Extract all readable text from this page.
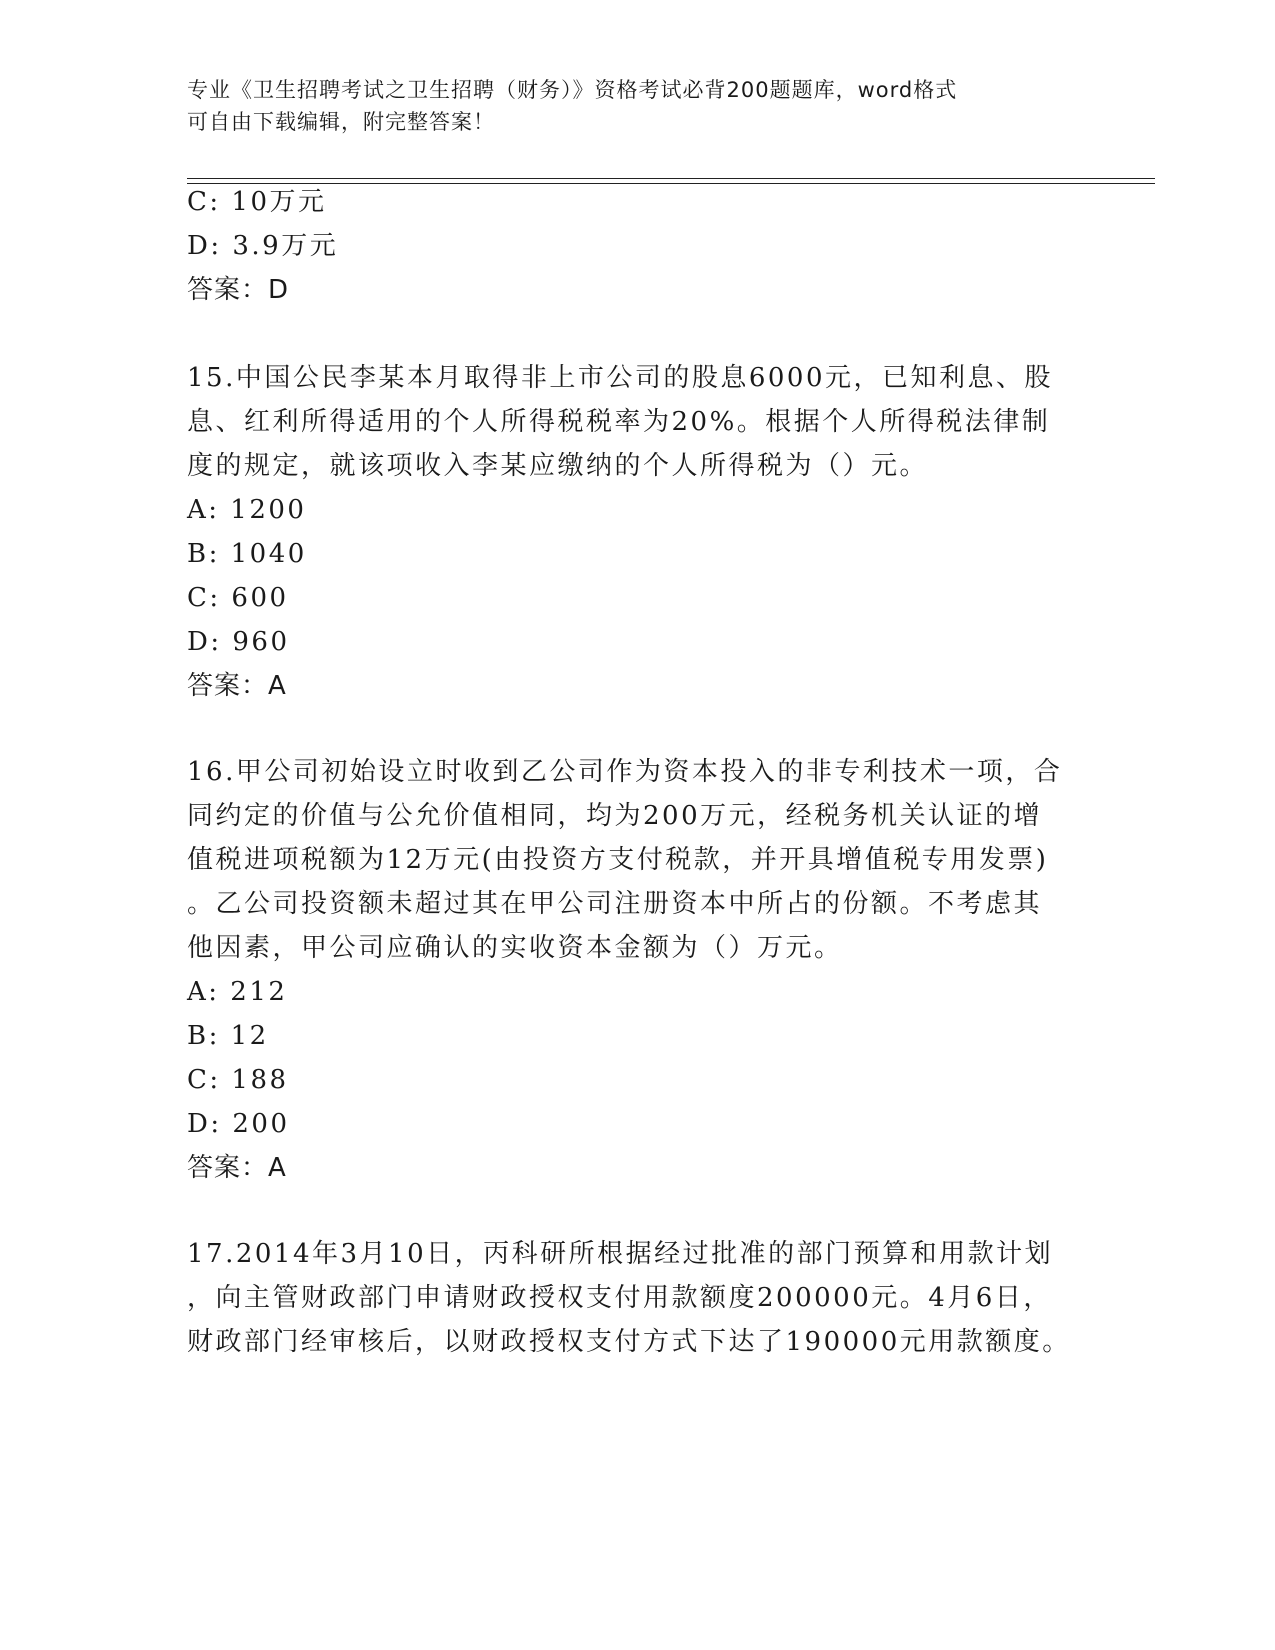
专业《卫生招聘考试之卫生招聘（财务）》资格考试必背200题题库，word格式
可自由下载编辑，附完整答案！
C: 10万元
D: 3.9万元
答案：D
15.中国公民李某本月取得非上市公司的股息6000元，已知利息、股
息、红利所得适用的个人所得税税率为20%。根据个人所得税法律制
度的规定，就该项收入李某应缴纳的个人所得税为（）元。
A: 1200
B: 1040
C: 600
D: 960
答案：A
16.甲公司初始设立时收到乙公司作为资本投入的非专利技术一项，合
同约定的价值与公允价值相同，均为200万元，经税务机关认证的增
值税进项税额为12万元(由投资方支付税款，并开具增值税专用发票)
。乙公司投资额未超过其在甲公司注册资本中所占的份额。不考虑其
他因素，甲公司应确认的实收资本金额为（）万元。
A: 212
B: 12
C: 188
D: 200
答案：A
17.2014年3月10日，丙科研所根据经过批准的部门预算和用款计划
，向主管财政部门申请财政授权支付用款额度200000元。4月6日，
财政部门经审核后，以财政授权支付方式下达了190000元用款额度。
